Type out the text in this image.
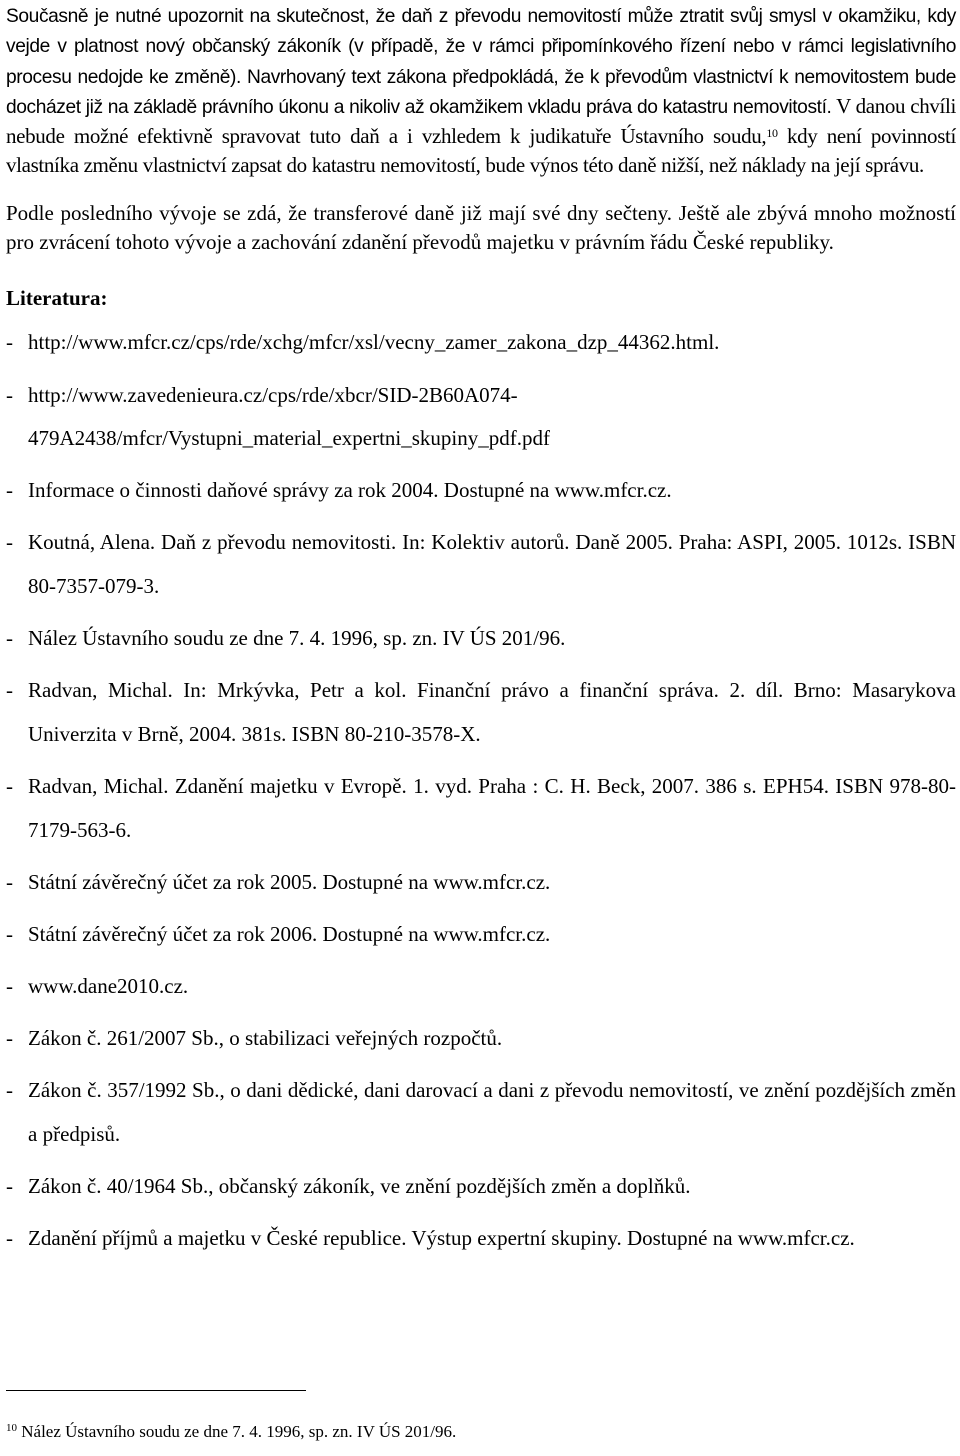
Současně je nutné upozornit na skutečnost, že daň z převodu nemovitostí může ztratit svůj smysl v okamžiku, kdy vejde v platnost nový občanský zákoník (v případě, že v rámci připomínkového řízení nebo v rámci legislativního procesu nedojde ke změně). Navrhovaný text zákona předpokládá, že k převodům vlastnictví k nemovitostem bude docházet již na základě právního úkonu a nikoliv až okamžikem vkladu práva do katastru nemovitostí. V danou chvíli nebude možné efektivně spravovat tuto daň a i vzhledem k judikatuře Ústavního soudu,$^{10}$ kdy není povinností vlastníka změnu vlastnictví zapsat do katastru nemovitostí, bude výnos této daně nižší, než náklady na její správu.

Podle posledního vývoje se zdá, že transferové daně již mají své dny sečteny. Ještě ale zbývá mnoho možností pro zvrácení tohoto vývoje a zachování zdanění převodů majetku v právním řádu České republiky.

Literatura:
- http://www.mfcr.cz/cps/rde/xchg/mfcr/xsl/vecny_zamer_zakona_dzp_44362.html.
- http://www.zavedenieura.cz/cps/rde/xbcr/SID-2B60A074-479A2438/mfcr/Vystupni_material_expertni_skupiny_pdf.pdf
- Informace o činnosti daňové správy za rok 2004. Dostupné na www.mfcr.cz.
- Koutná, Alena. Daň z převodu nemovitosti. In: Kolektiv autorů. Daně 2005. Praha: ASPI, 2005. 1012s. ISBN 80-7357-079-3.
- Nález Ústavního soudu ze dne 7. 4. 1996, sp. zn. IV ÚS 201/96.
- Radvan, Michal. In: Mrkývka, Petr a kol. Finanční právo a finanční správa. 2. díl. Brno: Masarykova Univerzita v Brně, 2004. 381s. ISBN 80-210-3578-X.
- Radvan, Michal. Zdanění majetku v Evropě. 1. vyd. Praha : C. H. Beck, 2007. 386 s. EPH54. ISBN 978-80-7179-563-6.
- Státní závěrečný účet za rok 2005. Dostupné na www.mfcr.cz.
- Státní závěrečný účet za rok 2006. Dostupné na www.mfcr.cz.
- www.dane2010.cz.
- Zákon č. 261/2007 Sb., o stabilizaci veřejných rozpočtů.
- Zákon č. 357/1992 Sb., o dani dědické, dani darovací a dani z převodu nemovitostí, ve znění pozdějších změn a předpisů.
- Zákon č. 40/1964 Sb., občanský zákoník, ve znění pozdějších změn a doplňků.
- Zdanění příjmů a majetku v České republice. Výstup expertní skupiny. Dostupné na www.mfcr.cz.
$^{10}$ Nález Ústavního soudu ze dne 7. 4. 1996, sp. zn. IV ÚS 201/96.
